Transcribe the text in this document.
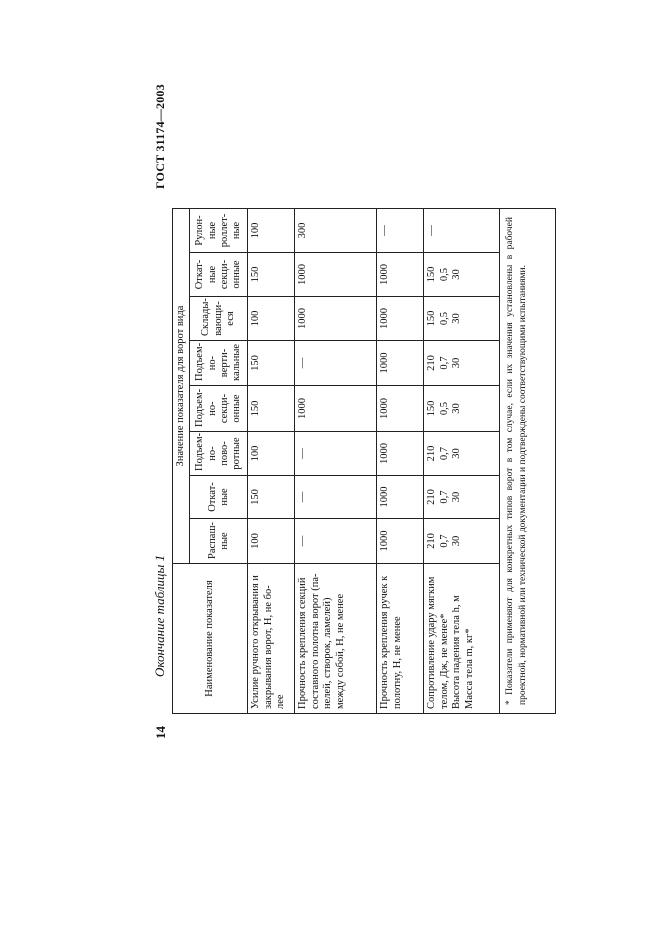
14
Окончание таблицы 1
ГОСТ 31174—2003
Наименование показателя	Значение показателя для ворот вида							

	Распаш- ные	Откат- ные	Подъем- но-пово- ротные	Подъем- но- секци- онные	Подъем- но- верти- кальные	Склады- вающи- еся	Откат- ные секци- онные	Рулон- ные роллет- ные

Усилие ручного открывания и закрывания ворот, Н, не бо- лее	100	150	100	150	150	100	150	100

Прочность крепления секций составного полотна ворот (па- нелей, створок, ламелей) между собой, Н, не менее	—	—	—	1000	—	1000	1000	300

Прочность крепления ручек к полотну, Н, не менее	1000	1000	1000	1000	1000	1000	1000	—

Сопротивление удару мягким телом, Дж, не менее* Высота падения тела h, м Масса тела m, кг*	210 0,7 30	210 0,7 30	210 0,7 30	150 0,5 30	210 0,7 30	150 0,5 30	150 0,5 30	—

* Показатели применяют для конкретных типов ворот в том случае, если их значения установлены в рабочей проектной, нормативной или технической документации и подтверждены соответствующими испытаниями.								
